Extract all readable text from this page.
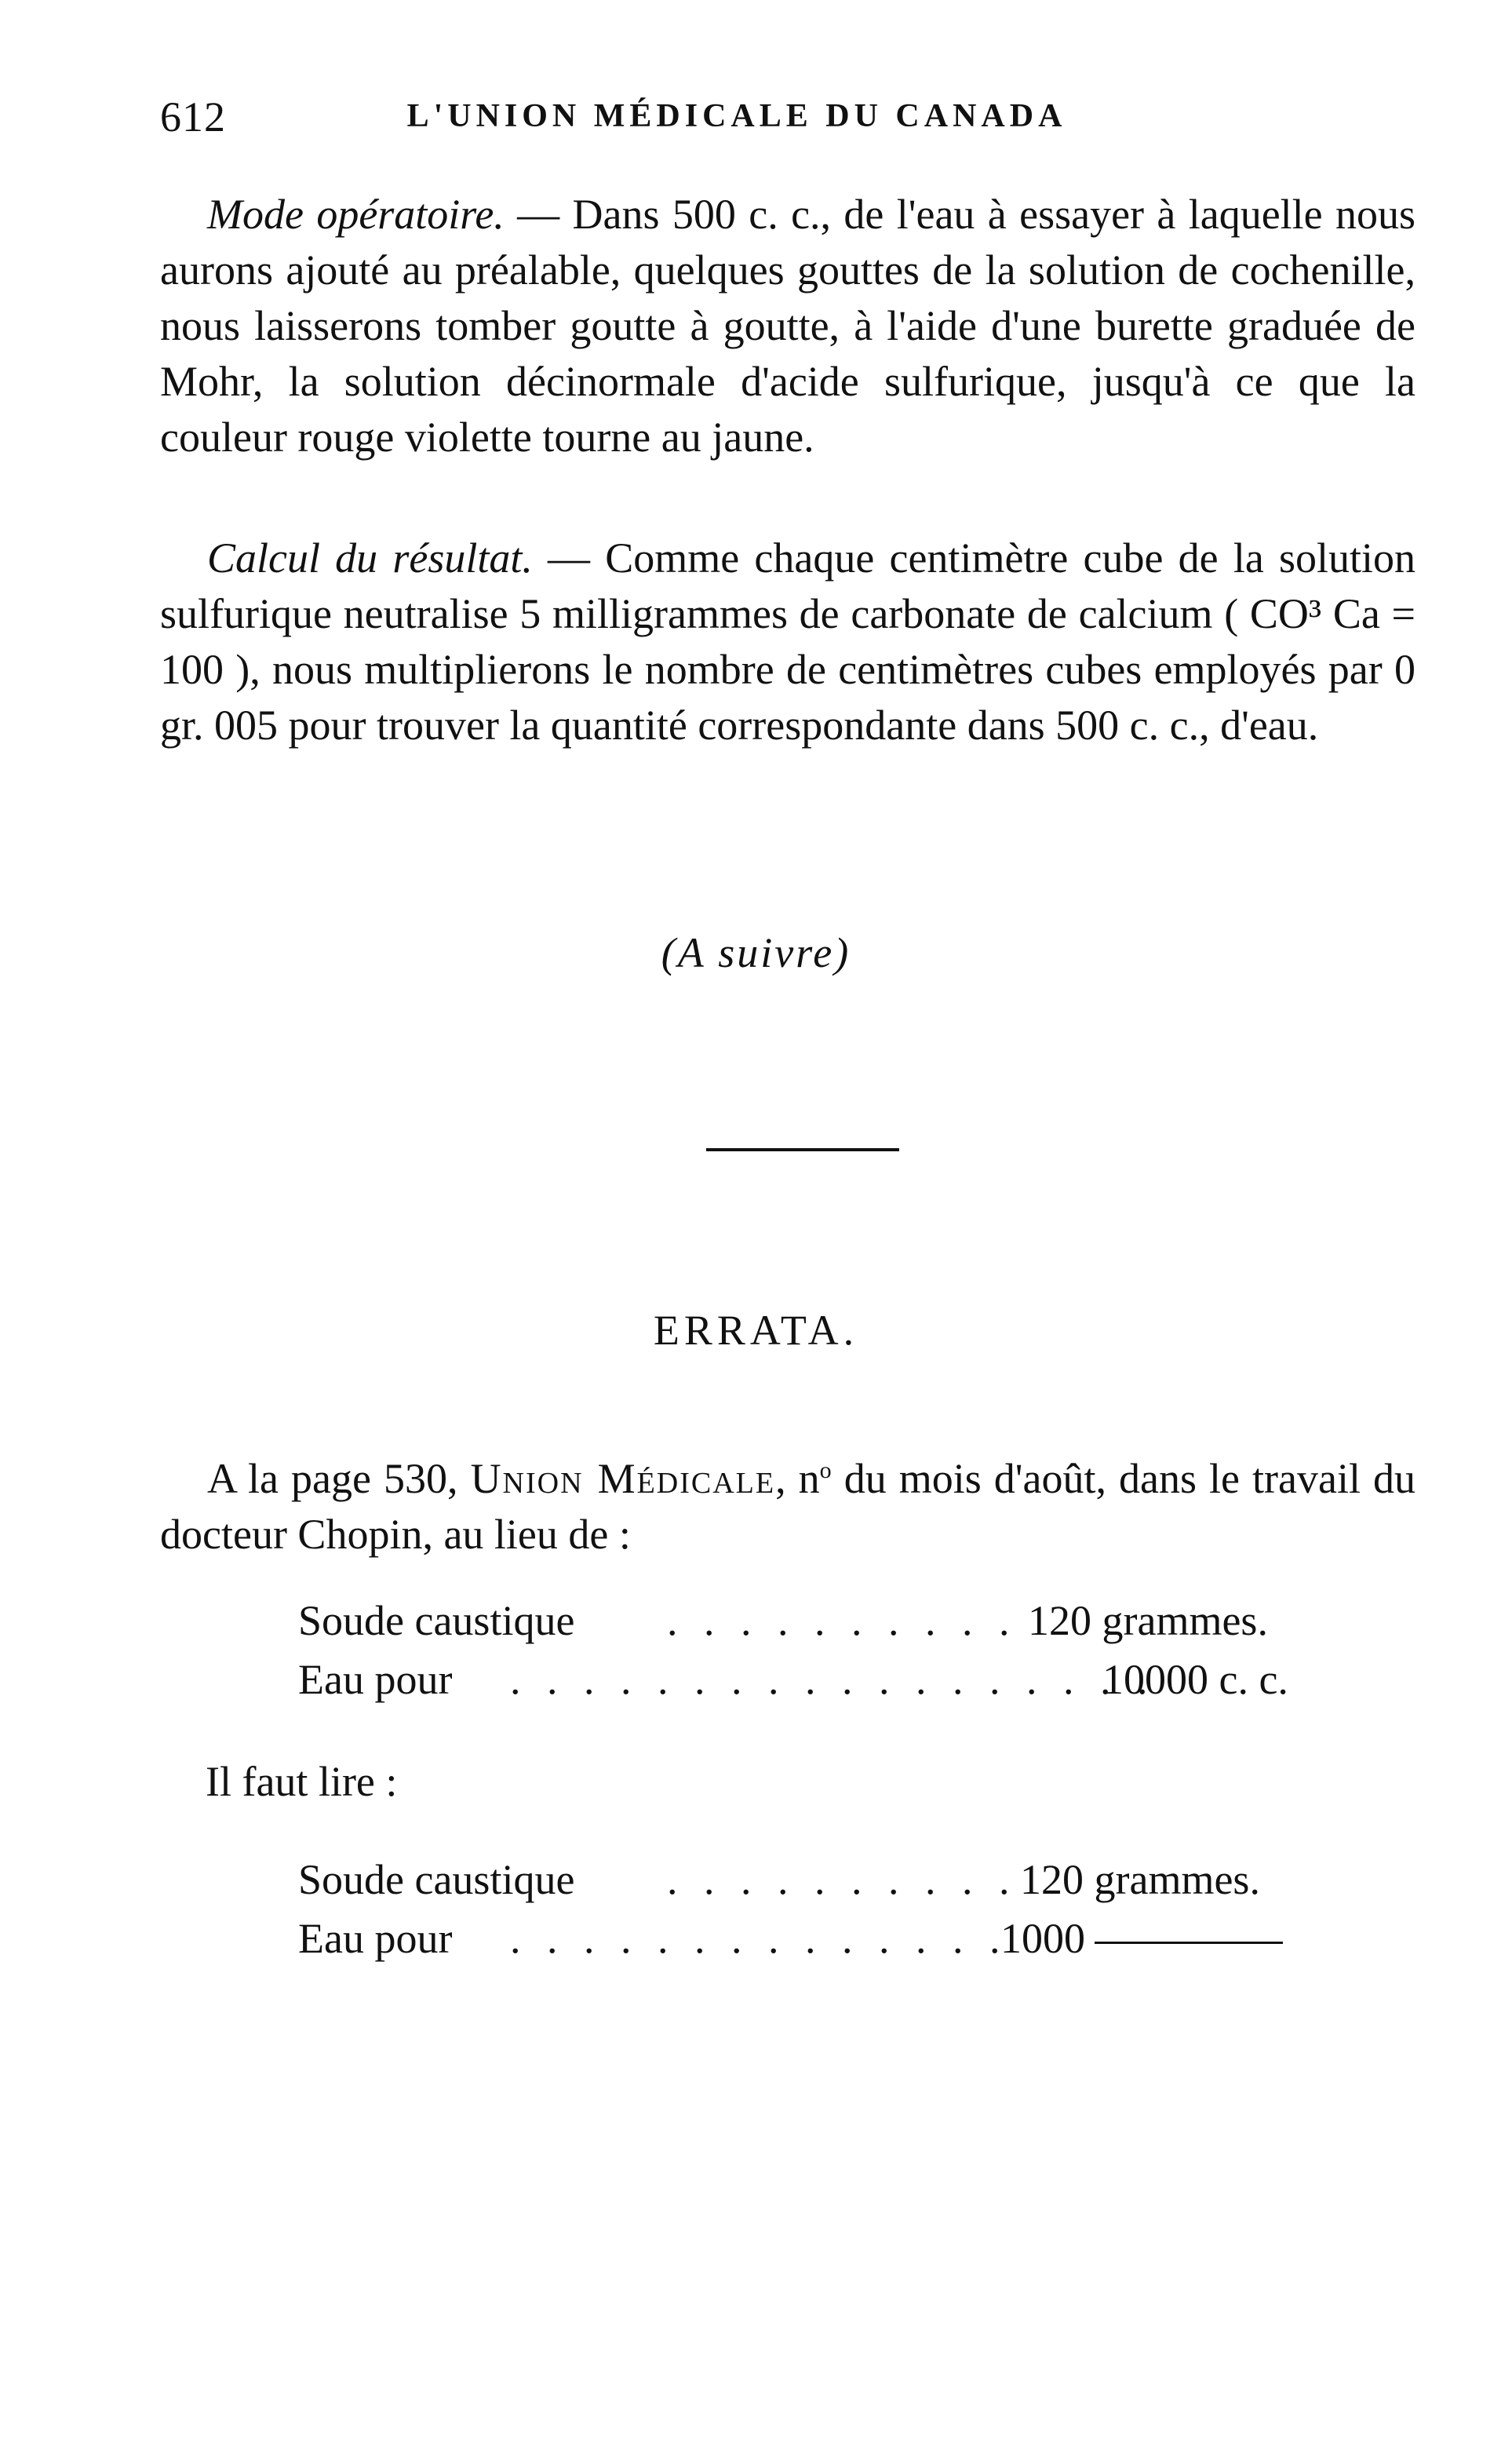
612	L'UNION MÉDICALE DU CANADA

Mode opératoire. — Dans 500 c. c., de l'eau à essayer à laquelle nous aurons ajouté au préalable, quelques gouttes de la solution de cochenille, nous laisserons tomber goutte à goutte, à l'aide d'une burette graduée de Mohr, la solution décinormale d'acide sulfurique, jusqu'à ce que la couleur rouge violette tourne au jaune.

Calcul du résultat. — Comme chaque centimètre cube de la solution sulfurique neutralise 5 milligrammes de carbonate de calcium ( CO³ Ca = 100 ), nous multiplierons le nombre de centimètres cubes employés par 0 gr. 005 pour trouver la quantité correspondante dans 500 c. c., d'eau.

(A suivre)
ERRATA.

A la page 530, Union Médicale, $n^o$ du mois d'août, dans le travail du docteur Chopin, au lieu de :

Soude caustique . . . . . . . . . . 120 grammes.
Eau pour . . . . . . . . . . . . . . . . . .
10000 c. c.
Il faut lire :
Soude caustique . . . . . . . . . . 120 grammes.
Eau pour . . . . . . . . . . . . . .
1000
